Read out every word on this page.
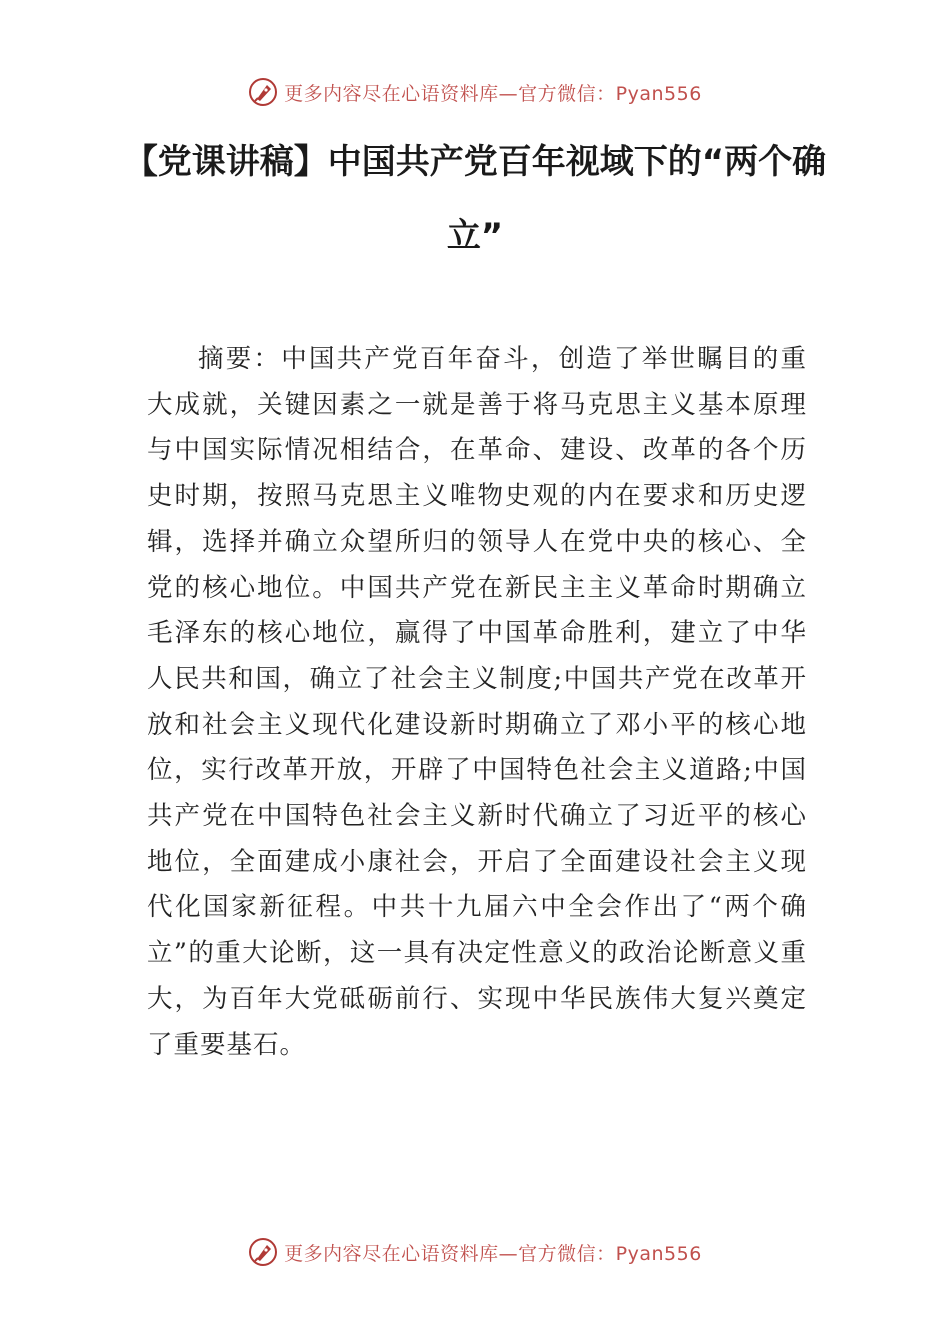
更多内容尽在心语资料库—官方微信：Pyan556
【党课讲稿】中国共产党百年视域下的“两个确立”

摘要：中国共产党百年奋斗，创造了举世瞩目的重大成就，关键因素之一就是善于将马克思主义基本原理与中国实际情况相结合，在革命、建设、改革的各个历史时期，按照马克思主义唯物史观的内在要求和历史逻辑，选择并确立众望所归的领导人在党中央的核心、全党的核心地位。中国共产党在新民主主义革命时期确立毛泽东的核心地位，赢得了中国革命胜利，建立了中华人民共和国，确立了社会主义制度;中国共产党在改革开放和社会主义现代化建设新时期确立了邓小平的核心地位，实行改革开放，开辟了中国特色社会主义道路;中国共产党在中国特色社会主义新时代确立了习近平的核心地位，全面建成小康社会，开启了全面建设社会主义现代化国家新征程。中共十九届六中全会作出了“两个确立”的重大论断，这一具有决定性意义的政治论断意义重大，为百年大党砥砺前行、实现中华民族伟大复兴奠定了重要基石。

更多内容尽在心语资料库—官方微信：Pyan556
